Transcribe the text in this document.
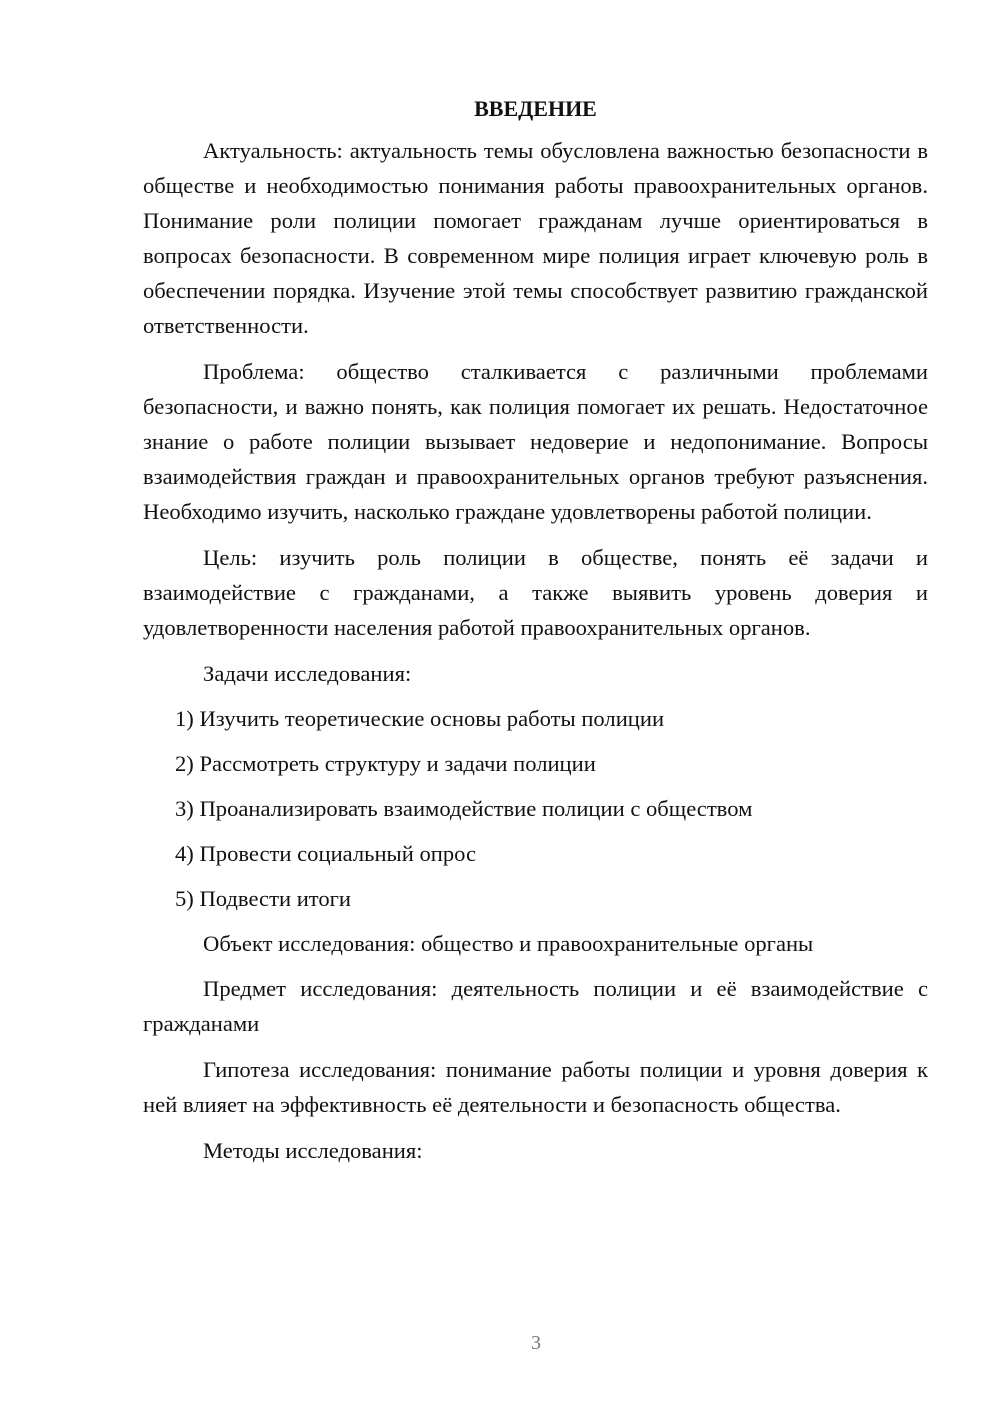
ВВЕДЕНИЕ

Актуальность: актуальность темы обусловлена важностью безопасности в обществе и необходимостью понимания работы правоохранительных органов. Понимание роли полиции помогает гражданам лучше ориентироваться в вопросах безопасности. В современном мире полиция играет ключевую роль в обеспечении порядка. Изучение этой темы способствует развитию гражданской ответственности.

Проблема: общество сталкивается с различными проблемами безопасности, и важно понять, как полиция помогает их решать. Недостаточное знание о работе полиции вызывает недоверие и недопонимание. Вопросы взаимодействия граждан и правоохранительных органов требуют разъяснения. Необходимо изучить, насколько граждане удовлетворены работой полиции.

Цель: изучить роль полиции в обществе, понять её задачи и взаимодействие с гражданами, а также выявить уровень доверия и удовлетворенности населения работой правоохранительных органов.

Задачи исследования:

1) Изучить теоретические основы работы полиции

2) Рассмотреть структуру и задачи полиции

3) Проанализировать взаимодействие полиции с обществом

4) Провести социальный опрос

5) Подвести итоги

Объект исследования: общество и правоохранительные органы

Предмет исследования: деятельность полиции и её взаимодействие с гражданами

Гипотеза исследования: понимание работы полиции и уровня доверия к ней влияет на эффективность её деятельности и безопасность общества.

Методы исследования:

3
